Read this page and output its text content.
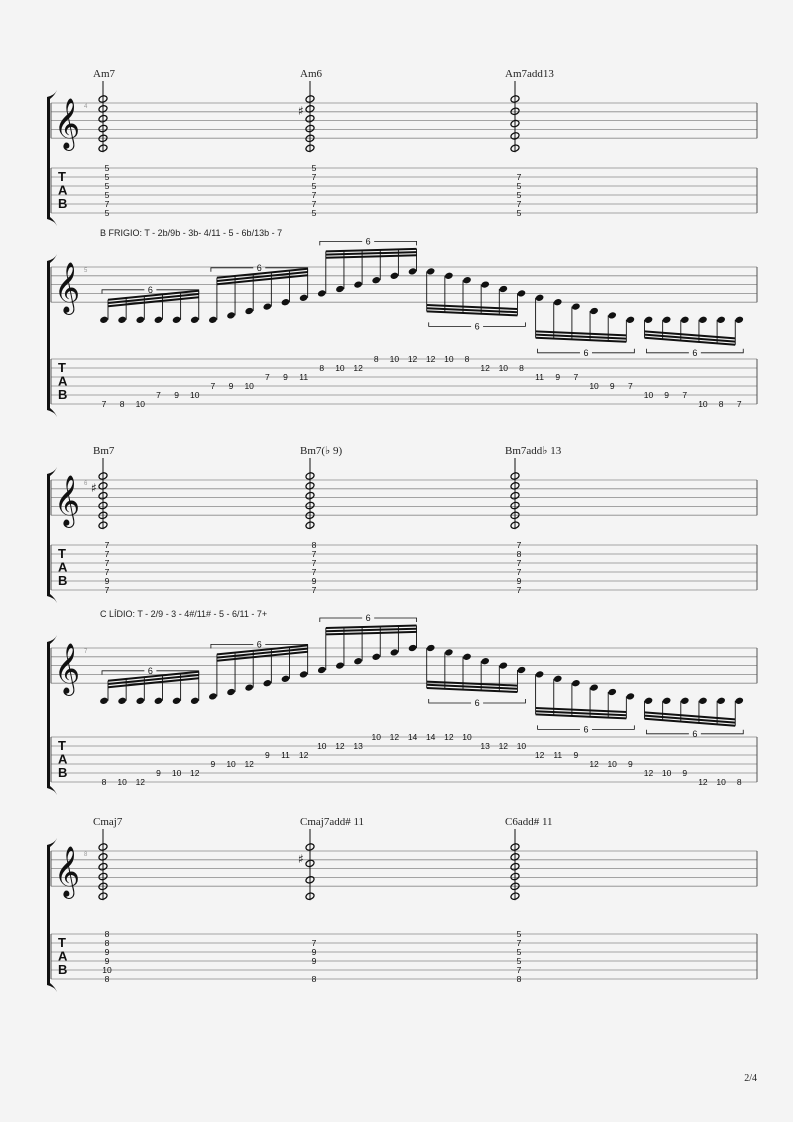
𝄞 4
T
A
B
Am7
5
5
5
5
7
5
Am6
♯
5
7
5
7
7
5
Am7add13
7
5
5
7
5
𝄞 5
T
A
B
B FRIGIO: T - 2b/9b - 3b- 4/11 - 5 - 6b/13b - 7
6
6
6
6
6	6
7 8 10
7 9 10
7 9 10
7 9 11
8 10 12
8 10 12 12 10 8
12 10 8
11 9 7
10 9 7
10 9 7
10 8 7
𝄞 6
T
A
B
Bm7
♯
7
7
7
7
9
7
Bm7(♭ 9)
8
7
7
7
9
7
Bm7add♭ 13
7
8
7
7
9
7
𝄞 7
T
A
B
C LÍDIO: T - 2/9 - 3 - 4#/11# - 5 - 6/11 - 7+
6
6
6
6
6	6
8 10 12
9 10 12
9 10 12
9 11 12
10 12 13
10 12 14 14 12 10
13 12 10
12 11 9
12 10 9
12 10 9
12 10 8
𝄞 8
T
A
B
Cmaj7
8
8
9
9
10
8
Cmaj7add# 11
♯
7
9
9
8
C6add# 11
5
7
5
5
7
8
2/4
